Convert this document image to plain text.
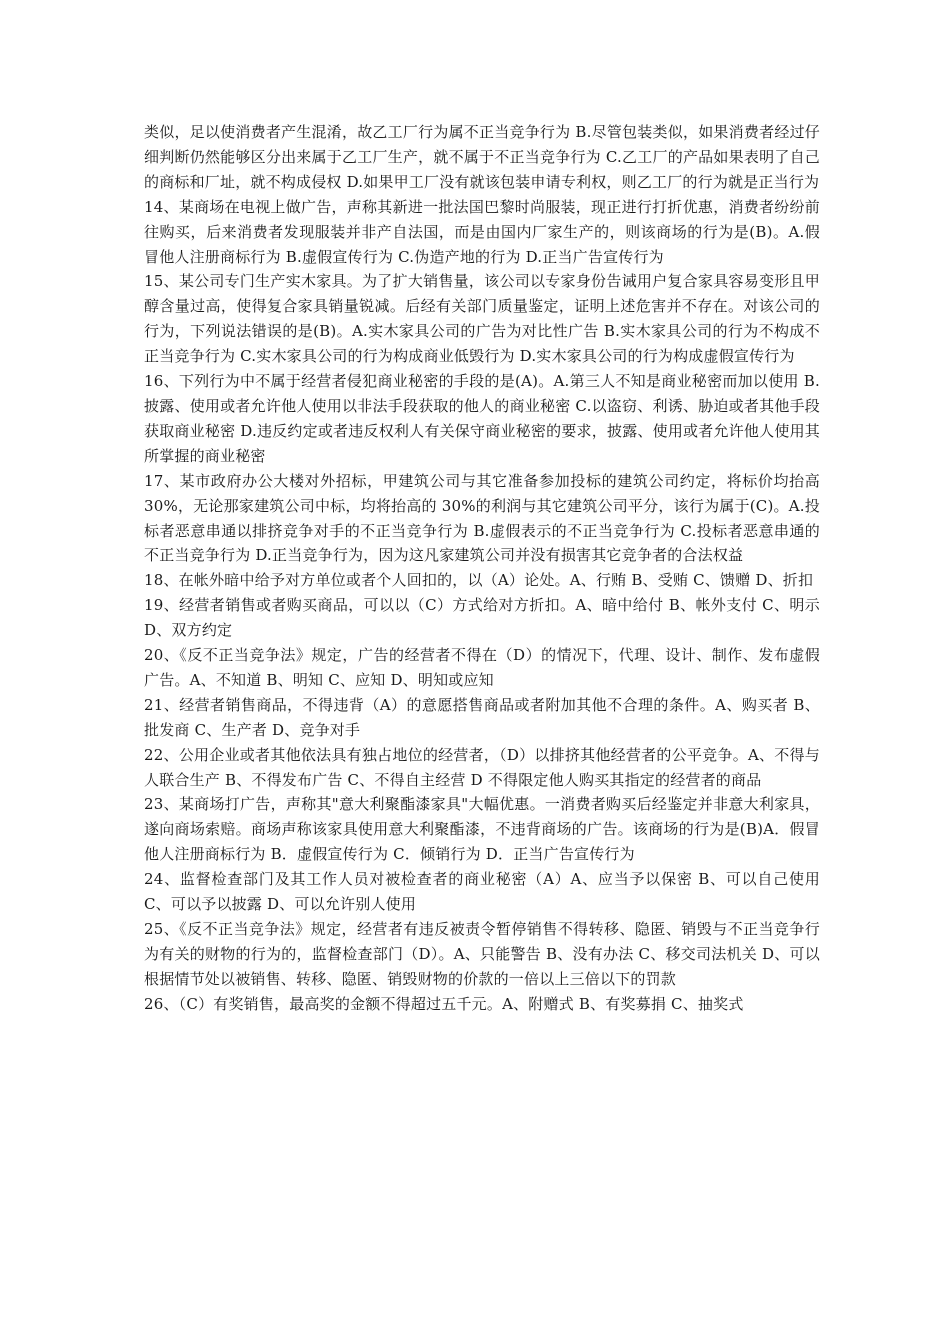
类似，足以使消费者产生混淆，故乙工厂行为属不正当竞争行为 B.尽管包装类似，如果消费者经过仔细判断仍然能够区分出来属于乙工厂生产，就不属于不正当竞争行为 C.乙工厂的产品如果表明了自己的商标和厂址，就不构成侵权 D.如果甲工厂没有就该包装申请专利权，则乙工厂的行为就是正当行为

14、某商场在电视上做广告，声称其新进一批法国巴黎时尚服装，现正进行打折优惠，消费者纷纷前往购买，后来消费者发现服装并非产自法国，而是由国内厂家生产的，则该商场的行为是(B)。A.假冒他人注册商标行为 B.虚假宣传行为 C.伪造产地的行为 D.正当广告宣传行为

15、某公司专门生产实木家具。为了扩大销售量，该公司以专家身份告诫用户复合家具容易变形且甲醇含量过高，使得复合家具销量锐减。后经有关部门质量鉴定，证明上述危害并不存在。对该公司的行为，下列说法错误的是(B)。A.实木家具公司的广告为对比性广告 B.实木家具公司的行为不构成不正当竞争行为 C.实木家具公司的行为构成商业低毁行为 D.实木家具公司的行为构成虚假宣传行为

16、下列行为中不属于经营者侵犯商业秘密的手段的是(A)。A.第三人不知是商业秘密而加以使用 B.披露、使用或者允许他人使用以非法手段获取的他人的商业秘密 C.以盗窃、利诱、胁迫或者其他手段获取商业秘密 D.违反约定或者违反权利人有关保守商业秘密的要求，披露、使用或者允许他人使用其所掌握的商业秘密

17、某市政府办公大楼对外招标，甲建筑公司与其它准备参加投标的建筑公司约定，将标价均抬高 30%，无论那家建筑公司中标，均将抬高的 30%的利润与其它建筑公司平分，该行为属于(C)。A.投标者恶意串通以排挤竞争对手的不正当竞争行为 B.虚假表示的不正当竞争行为 C.投标者恶意串通的不正当竞争行为 D.正当竞争行为，因为这凡家建筑公司并没有损害其它竞争者的合法权益

18、在帐外暗中给予对方单位或者个人回扣的，以（A）论处。A、行贿 B、受贿 C、馈赠 D、折扣

19、经营者销售或者购买商品，可以以（C）方式给对方折扣。A、暗中给付 B、帐外支付 C、明示 D、双方约定

20、《反不正当竞争法》规定，广告的经营者不得在（D）的情况下，代理、设计、制作、发布虚假广告。A、不知道 B、明知 C、应知 D、明知或应知

21、经营者销售商品，不得违背（A）的意愿搭售商品或者附加其他不合理的条件。A、购买者 B、批发商 C、生产者 D、竞争对手

22、公用企业或者其他依法具有独占地位的经营者，（D）以排挤其他经营者的公平竞争。A、不得与人联合生产 B、不得发布广告 C、不得自主经营 D 不得限定他人购买其指定的经营者的商品

23、某商场打广告，声称其"意大利聚酯漆家具"大幅优惠。一消费者购买后经鉴定并非意大利家具，遂向商场索赔。商场声称该家具使用意大利聚酯漆，不违背商场的广告。该商场的行为是(B)A．假冒他人注册商标行为 B．虚假宣传行为 C．倾销行为 D．正当广告宣传行为

24、监督检查部门及其工作人员对被检查者的商业秘密（A）A、应当予以保密 B、可以自己使用 C、可以予以披露 D、可以允许别人使用

25、《反不正当竞争法》规定，经营者有违反被责令暂停销售不得转移、隐匿、销毁与不正当竞争行为有关的财物的行为的，监督检查部门（D）。A、只能警告 B、没有办法 C、移交司法机关 D、可以根据情节处以被销售、转移、隐匿、销毁财物的价款的一倍以上三倍以下的罚款

26、（C）有奖销售，最高奖的金额不得超过五千元。A、附赠式 B、有奖募捐 C、抽奖式
